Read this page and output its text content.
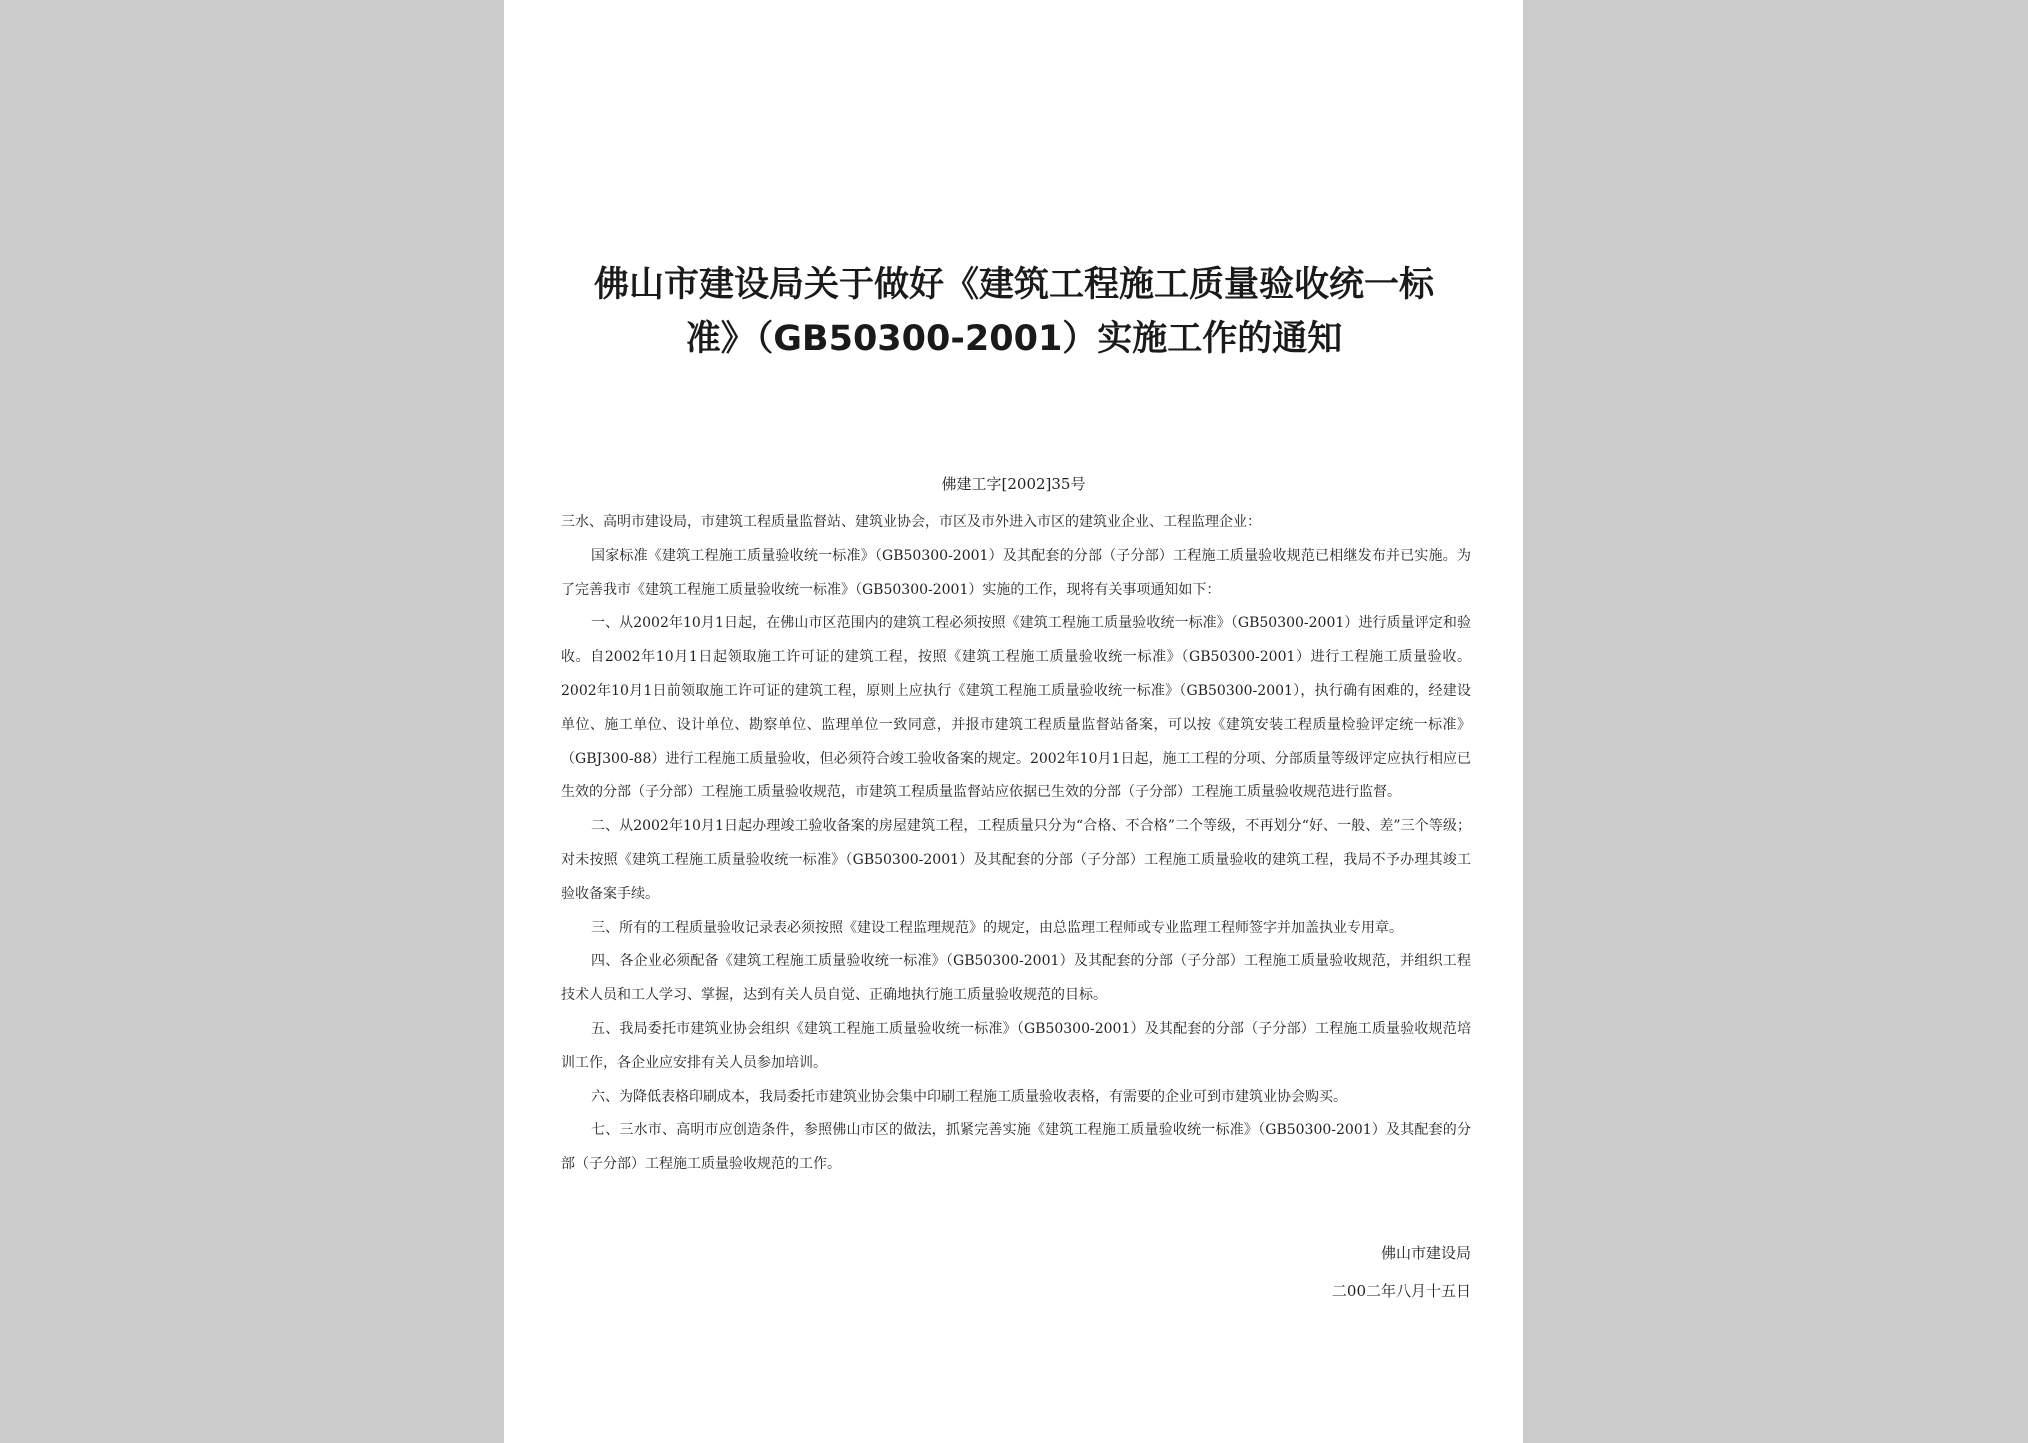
佛山市建设局关于做好《建筑工程施工质量验收统一标
准》（GB50300-2001）实施工作的通知

佛建工字[2002]35号

三水、高明市建设局，市建筑工程质量监督站、建筑业协会，市区及市外进入市区的建筑业企业、工程监理企业：

国家标准《建筑工程施工质量验收统一标准》（GB50300-2001）及其配套的分部（子分部）工程施工质量验收规范已相继发布并已实施。为了完善我市《建筑工程施工质量验收统一标准》（GB50300-2001）实施的工作，现将有关事项通知如下：

一、从2002年10月1日起，在佛山市区范围内的建筑工程必须按照《建筑工程施工质量验收统一标准》（GB50300-2001）进行质量评定和验收。自2002年10月1日起领取施工许可证的建筑工程，按照《建筑工程施工质量验收统一标准》（GB50300-2001）进行工程施工质量验收。2002年10月1日前领取施工许可证的建筑工程，原则上应执行《建筑工程施工质量验收统一标准》（GB50300-2001），执行确有困难的，经建设单位、施工单位、设计单位、勘察单位、监理单位一致同意，并报市建筑工程质量监督站备案，可以按《建筑安装工程质量检验评定统一标准》（GBJ300-88）进行工程施工质量验收，但必须符合竣工验收备案的规定。2002年10月1日起，施工工程的分项、分部质量等级评定应执行相应已生效的分部（子分部）工程施工质量验收规范，市建筑工程质量监督站应依据已生效的分部（子分部）工程施工质量验收规范进行监督。

二、从2002年10月1日起办理竣工验收备案的房屋建筑工程，工程质量只分为“合格、不合格”二个等级，不再划分“好、一般、差”三个等级；对未按照《建筑工程施工质量验收统一标准》（GB50300-2001）及其配套的分部（子分部）工程施工质量验收的建筑工程，我局不予办理其竣工验收备案手续。

三、所有的工程质量验收记录表必须按照《建设工程监理规范》的规定，由总监理工程师或专业监理工程师签字并加盖执业专用章。

四、各企业必须配备《建筑工程施工质量验收统一标准》（GB50300-2001）及其配套的分部（子分部）工程施工质量验收规范，并组织工程技术人员和工人学习、掌握，达到有关人员自觉、正确地执行施工质量验收规范的目标。

五、我局委托市建筑业协会组织《建筑工程施工质量验收统一标准》（GB50300-2001）及其配套的分部（子分部）工程施工质量验收规范培训工作，各企业应安排有关人员参加培训。

六、为降低表格印刷成本，我局委托市建筑业协会集中印刷工程施工质量验收表格，有需要的企业可到市建筑业协会购买。

七、三水市、高明市应创造条件，参照佛山市区的做法，抓紧完善实施《建筑工程施工质量验收统一标准》（GB50300-2001）及其配套的分部（子分部）工程施工质量验收规范的工作。

佛山市建设局

二00二年八月十五日
